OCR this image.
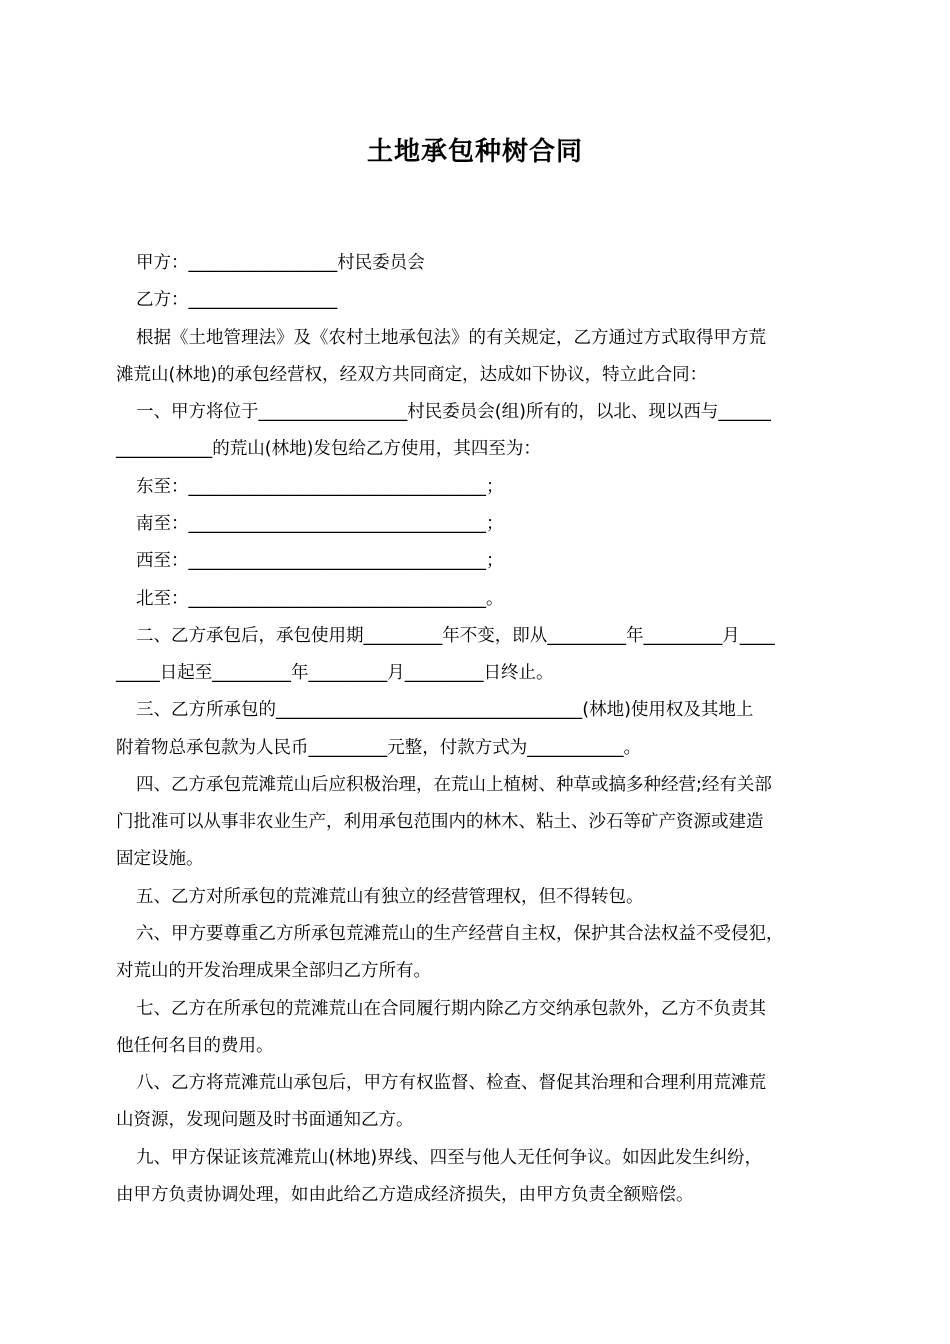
土地承包种树合同
甲方：_________________村民委员会
乙方：_________________
根据《土地管理法》及《农村土地承包法》的有关规定，乙方通过方式取得甲方荒
滩荒山(林地)的承包经营权，经双方共同商定，达成如下协议，特立此合同：
一、甲方将位于_________________村民委员会(组)所有的，以北、现以西与______
___________的荒山(林地)发包给乙方使用，其四至为：
东至：__________________________________；
南至：__________________________________；
西至：__________________________________；
北至：__________________________________。
二、乙方承包后，承包使用期_________年不变，即从_________年_________月____
_____日起至_________年_________月_________日终止。
三、乙方所承包的___________________________________(林地)使用权及其地上
附着物总承包款为人民币_________元整，付款方式为___________。
四、乙方承包荒滩荒山后应积极治理，在荒山上植树、种草或搞多种经营;经有关部
门批准可以从事非农业生产，利用承包范围内的林木、粘土、沙石等矿产资源或建造
固定设施。
五、乙方对所承包的荒滩荒山有独立的经营管理权，但不得转包。
六、甲方要尊重乙方所承包荒滩荒山的生产经营自主权，保护其合法权益不受侵犯，
对荒山的开发治理成果全部归乙方所有。
七、乙方在所承包的荒滩荒山在合同履行期内除乙方交纳承包款外，乙方不负责其
他任何名目的费用。
八、乙方将荒滩荒山承包后，甲方有权监督、检查、督促其治理和合理利用荒滩荒
山资源，发现问题及时书面通知乙方。
九、甲方保证该荒滩荒山(林地)界线、四至与他人无任何争议。如因此发生纠纷，
由甲方负责协调处理，如由此给乙方造成经济损失，由甲方负责全额赔偿。
